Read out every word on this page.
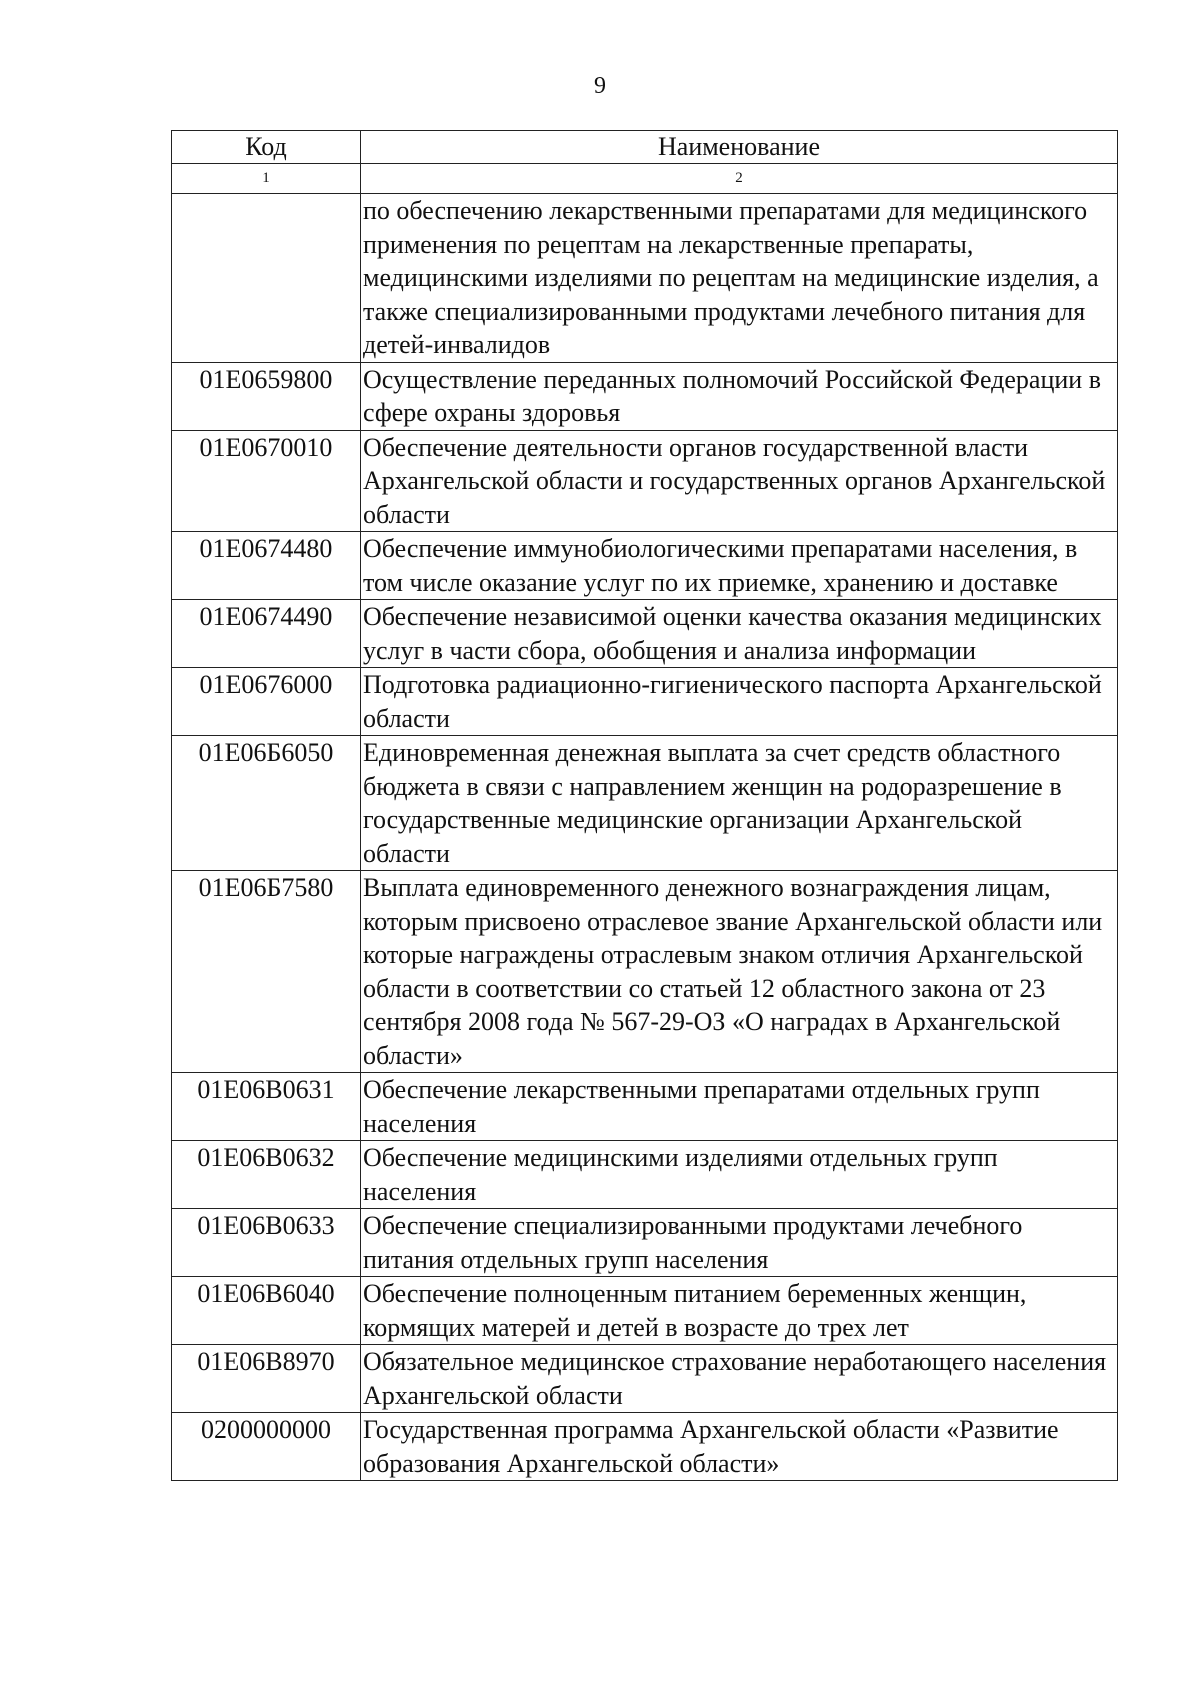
9
Код	Наименование
1	2
	по обеспечению лекарственными препаратами для медицинского применения по рецептам на лекарственные препараты, медицинскими изделиями по рецептам на медицинские изделия, а также специализированными продуктами лечебного питания для детей-инвалидов
01Е0659800	Осуществление переданных полномочий Российской Федерации в сфере охраны здоровья
01Е0670010	Обеспечение деятельности органов государственной власти Архангельской области и государственных органов Архангельской области
01Е0674480	Обеспечение иммунобиологическими препаратами населения, в том числе оказание услуг по их приемке, хранению и доставке
01Е0674490	Обеспечение независимой оценки качества оказания медицинских услуг в части сбора, обобщения и анализа информации
01Е0676000	Подготовка радиационно-гигиенического паспорта Архангельской области
01Е06Б6050	Единовременная денежная выплата за счет средств областного бюджета в связи с направлением женщин на родоразрешение в государственные медицинские организации Архангельской области
01Е06Б7580	Выплата единовременного денежного вознаграждения лицам, которым присвоено отраслевое звание Архангельской области или которые награждены отраслевым знаком отличия Архангельской области в соответствии со статьей 12 областного закона от 23 сентября 2008 года № 567-29-ОЗ «О наградах в Архангельской области»
01Е06В0631	Обеспечение лекарственными препаратами отдельных групп населения
01Е06В0632	Обеспечение медицинскими изделиями отдельных групп населения
01Е06В0633	Обеспечение специализированными продуктами лечебного питания отдельных групп населения
01Е06В6040	Обеспечение полноценным питанием беременных женщин, кормящих матерей и детей в возрасте до трех лет
01Е06В8970	Обязательное медицинское страхование неработающего населения Архангельской области
0200000000	Государственная программа Архангельской области «Развитие образования Архангельской области»
